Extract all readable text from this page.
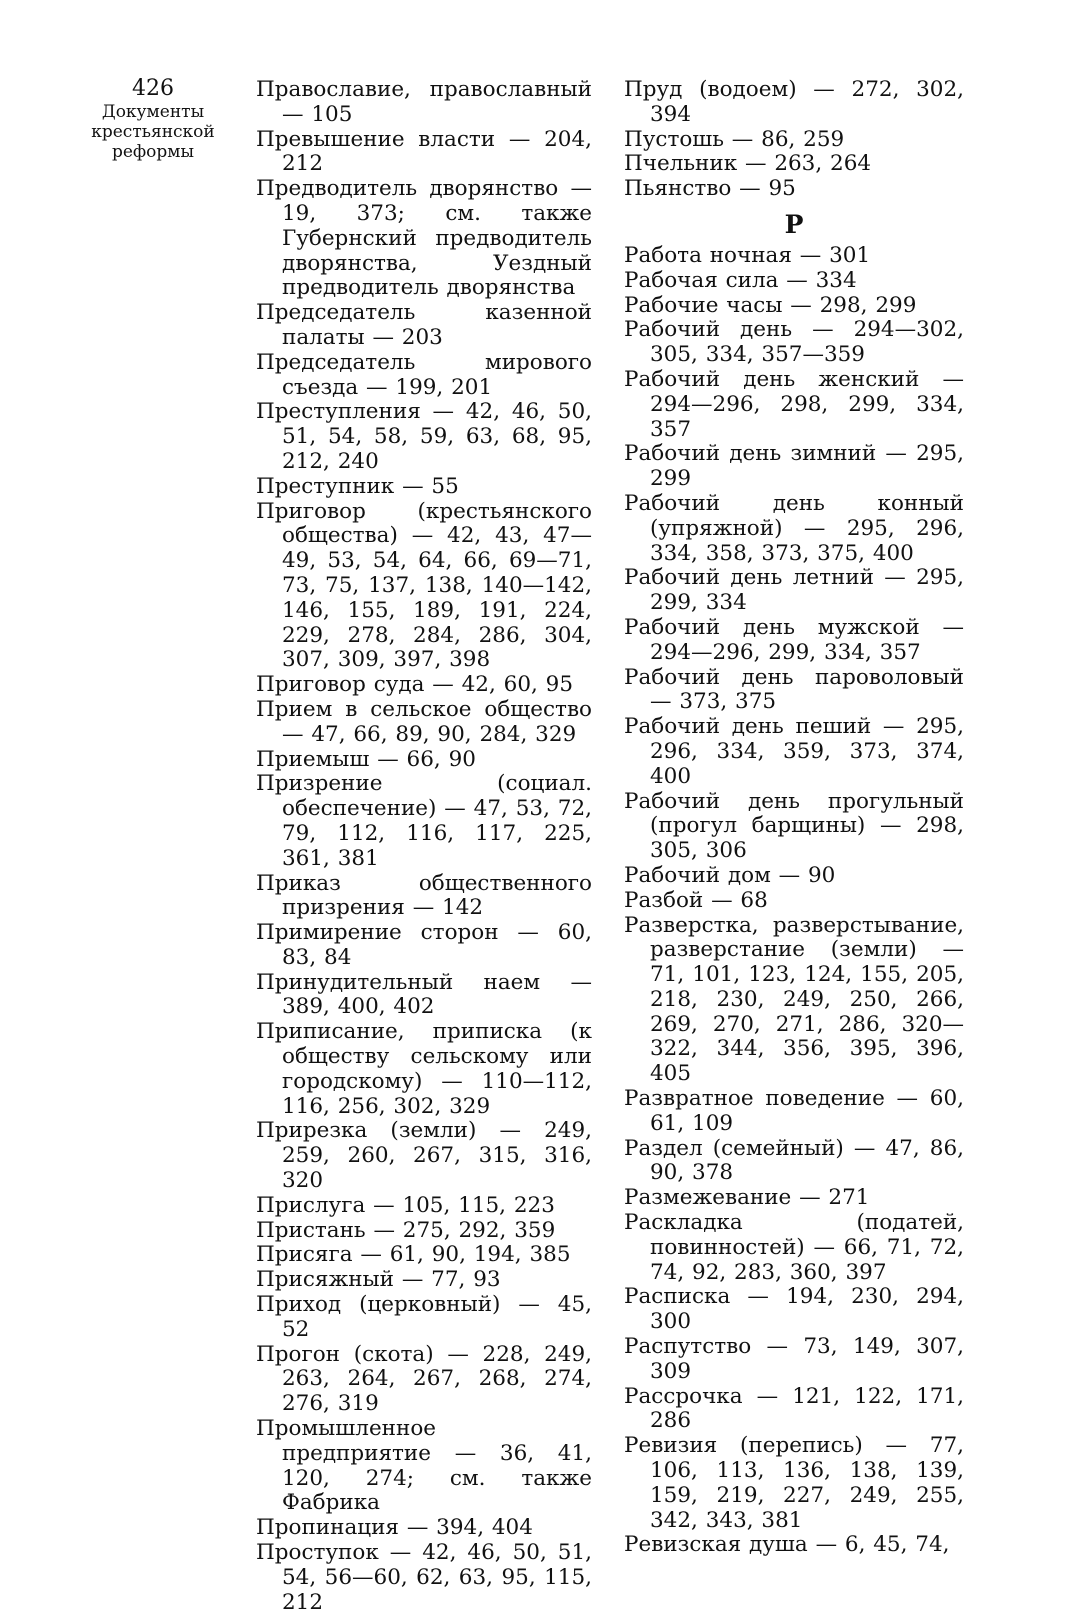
426
Документы
крестьянской
реформы

Православие, православный — 105

Превышение власти — 204, 212

Предводитель дворянство — 19, 373; см. также Губернский предводитель дворянства, Уездный предводитель дворянства

Председатель казенной палаты — 203

Председатель мирового съезда — 199, 201

Преступления — 42, 46, 50, 51, 54, 58, 59, 63, 68, 95, 212, 240

Преступник — 55

Приговор (крестьянского общества) — 42, 43, 47—49, 53, 54, 64, 66, 69—71, 73, 75, 137, 138, 140—142, 146, 155, 189, 191, 224, 229, 278, 284, 286, 304, 307, 309, 397, 398

Приговор суда — 42, 60, 95

Прием в сельское общество — 47, 66, 89, 90, 284, 329

Приемыш — 66, 90

Призрение (социал. обеспечение) — 47, 53, 72, 79, 112, 116, 117, 225, 361, 381

Приказ общественного призрения — 142

Примирение сторон — 60, 83, 84

Принудительный наем — 389, 400, 402

Приписание, приписка (к обществу сельскому или городскому) — 110—112, 116, 256, 302, 329

Прирезка (земли) — 249, 259, 260, 267, 315, 316, 320

Прислуга — 105, 115, 223

Пристань — 275, 292, 359

Присяга — 61, 90, 194, 385

Присяжный — 77, 93

Приход (церковный) — 45, 52

Прогон (скота) — 228, 249, 263, 264, 267, 268, 274, 276, 319

Промышленное предприятие — 36, 41, 120, 274; см. также Фабрика

Пропинация — 394, 404

Проступок — 42, 46, 50, 51, 54, 56—60, 62, 63, 95, 115, 212

Пруд (водоем) — 272, 302, 394

Пустошь — 86, 259

Пчельник — 263, 264

Пьянство — 95

Р

Работа ночная — 301

Рабочая сила — 334

Рабочие часы — 298, 299

Рабочий день — 294—302, 305, 334, 357—359

Рабочий день женский — 294—296, 298, 299, 334, 357

Рабочий день зимний — 295, 299

Рабочий день конный (упряжной) — 295, 296, 334, 358, 373, 375, 400

Рабочий день летний — 295, 299, 334

Рабочий день мужской — 294—296, 299, 334, 357

Рабочий день пароволовый — 373, 375

Рабочий день пеший — 295, 296, 334, 359, 373, 374, 400

Рабочий день прогульный (прогул барщины) — 298, 305, 306

Рабочий дом — 90

Разбой — 68

Разверстка, разверстывание, разверстание (земли) — 71, 101, 123, 124, 155, 205, 218, 230, 249, 250, 266, 269, 270, 271, 286, 320—322, 344, 356, 395, 396, 405

Развратное поведение — 60, 61, 109

Раздел (семейный) — 47, 86, 90, 378

Размежевание — 271

Раскладка (податей, повинностей) — 66, 71, 72, 74, 92, 283, 360, 397

Расписка — 194, 230, 294, 300

Распутство — 73, 149, 307, 309

Рассрочка — 121, 122, 171, 286

Ревизия (перепись) — 77, 106, 113, 136, 138, 139, 159, 219, 227, 249, 255, 342, 343, 381

Ревизская душа — 6, 45, 74,
